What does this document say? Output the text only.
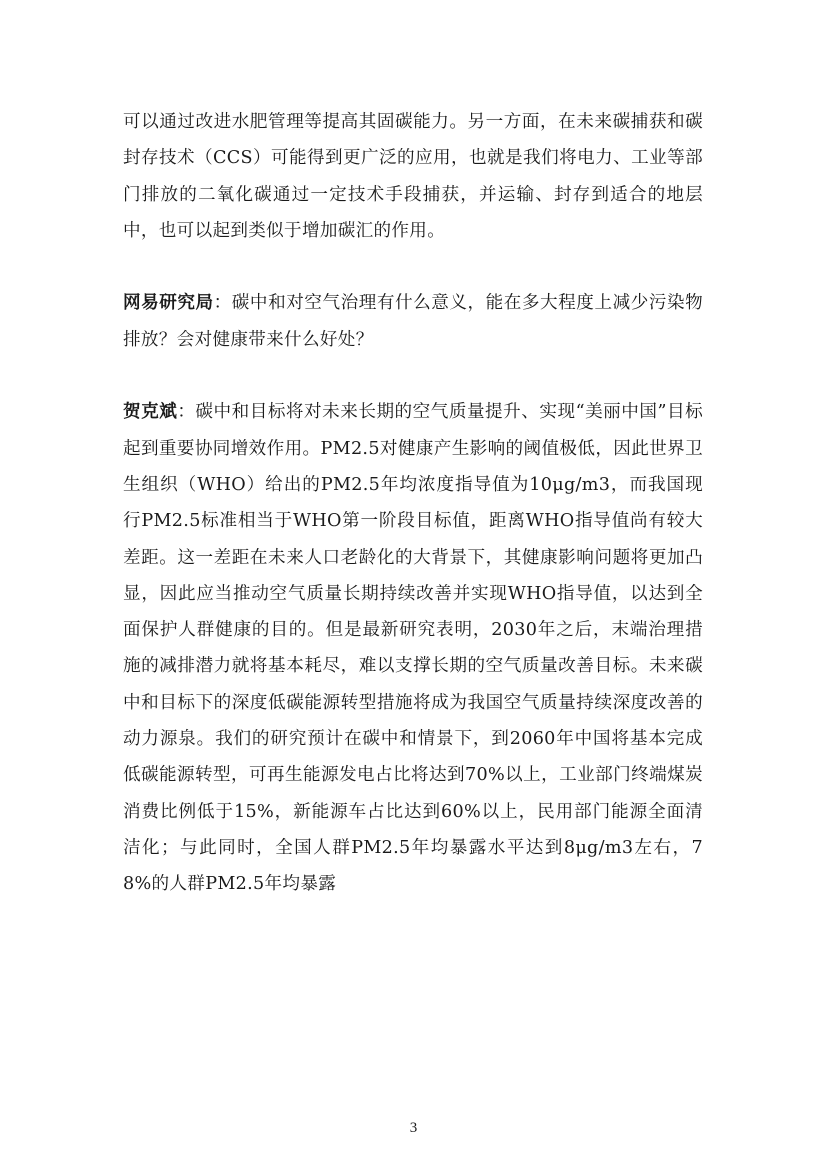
可以通过改进水肥管理等提高其固碳能力。另一方面，在未来碳捕获和碳封存技术（CCS）可能得到更广泛的应用，也就是我们将电力、工业等部门排放的二氧化碳通过一定技术手段捕获，并运输、封存到适合的地层中，也可以起到类似于增加碳汇的作用。

网易研究局：碳中和对空气治理有什么意义，能在多大程度上减少污染物排放？会对健康带来什么好处？

贺克斌：碳中和目标将对未来长期的空气质量提升、实现“美丽中国”目标起到重要协同增效作用。PM2.5对健康产生影响的阈值极低，因此世界卫生组织（WHO）给出的PM2.5年均浓度指导值为10μg/m3，而我国现行PM2.5标准相当于WHO第一阶段目标值，距离WHO指导值尚有较大差距。这一差距在未来人口老龄化的大背景下，其健康影响问题将更加凸显，因此应当推动空气质量长期持续改善并实现WHO指导值，以达到全面保护人群健康的目的。但是最新研究表明，2030年之后，末端治理措施的减排潜力就将基本耗尽，难以支撑长期的空气质量改善目标。未来碳中和目标下的深度低碳能源转型措施将成为我国空气质量持续深度改善的动力源泉。我们的研究预计在碳中和情景下，到2060年中国将基本完成低碳能源转型，可再生能源发电占比将达到70%以上，工业部门终端煤炭消费比例低于15%，新能源车占比达到60%以上，民用部门能源全面清洁化；与此同时，全国人群PM2.5年均暴露水平达到8μg/m3左右，78%的人群PM2.5年均暴露

3
